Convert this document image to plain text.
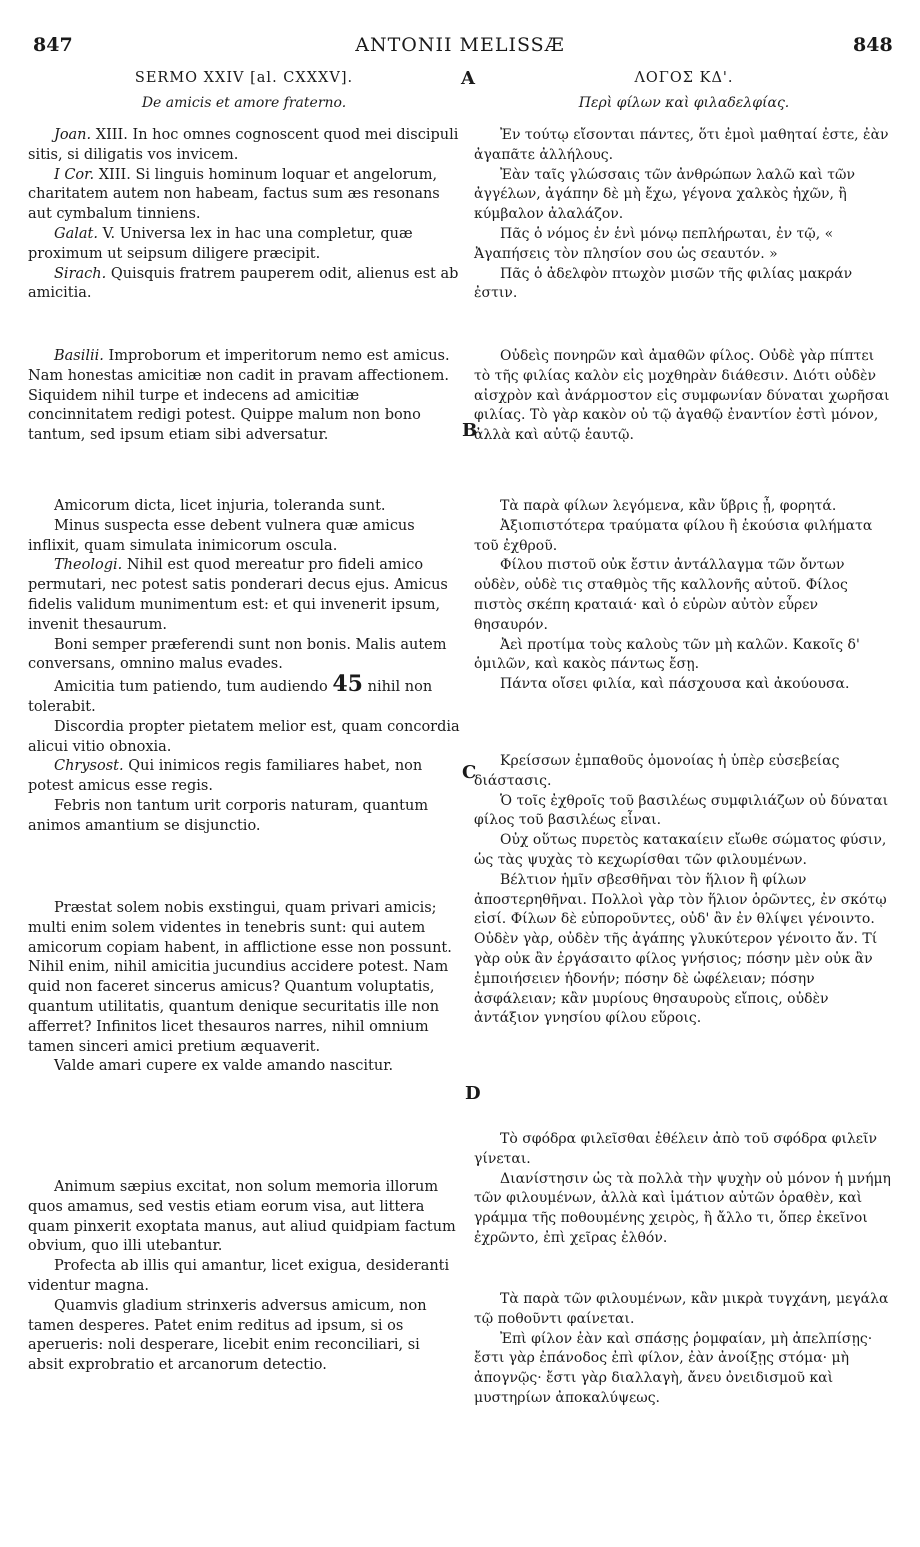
847	ANTONII MELISSÆ	848
SERMO XXIV [al. CXXXV].
De amicis et amore fraterno.

Joan. XIII. In hoc omnes cognoscent quod mei discipuli sitis, si diligatis vos invicem.

I Cor. XIII. Si linguis hominum loquar et angelorum, charitatem autem non habeam, factus sum æs resonans aut cymbalum tinniens.

Galat. V. Universa lex in hac una completur, quæ proximum ut seipsum diligere præcipit.

Sirach. Quisquis fratrem pauperem odit, alienus est ab amicitia.

Basilii. Improborum et imperitorum nemo est amicus. Nam honestas amicitiæ non cadit in pravam affectionem. Siquidem nihil turpe et indecens ad amicitiæ concinnitatem redigi potest. Quippe malum non bono tantum, sed ipsum etiam sibi adversatur.

Amicorum dicta, licet injuria, toleranda sunt.

Minus suspecta esse debent vulnera quæ amicus inflixit, quam simulata inimicorum oscula.

Theologi. Nihil est quod mereatur pro fideli amico permutari, nec potest satis ponderari decus ejus. Amicus fidelis validum munimentum est: et qui invenerit ipsum, invenit thesaurum.

Boni semper præferendi sunt non bonis. Malis autem conversans, omnino malus evades.

Amicitia tum patiendo, tum audiendo 45 nihil non tolerabit.

Discordia propter pietatem melior est, quam concordia alicui vitio obnoxia.

Chrysost. Qui inimicos regis familiares habet, non potest amicus esse regis.

Febris non tantum urit corporis naturam, quantum animos amantium se disjunctio.

Præstat solem nobis exstingui, quam privari amicis; multi enim solem videntes in tenebris sunt: qui autem amicorum copiam habent, in afflictione esse non possunt. Nihil enim, nihil amicitia jucundius accidere potest. Nam quid non faceret sincerus amicus? Quantum voluptatis, quantum utilitatis, quantum denique securitatis ille non afferret? Infinitos licet thesauros narres, nihil omnium tamen sinceri amici pretium æquaverit.

Valde amari cupere ex valde amando nascitur.

Animum sæpius excitat, non solum memoria illorum quos amamus, sed vestis etiam eorum visa, aut littera quam pinxerit exoptata manus, aut aliud quidpiam factum obvium, quo illi utebantur.

Profecta ab illis qui amantur, licet exigua, desideranti videntur magna.

Quamvis gladium strinxeris adversus amicum, non tamen desperes. Patet enim reditus ad ipsum, si os aperueris: noli desperare, licebit enim reconciliari, si absit exprobratio et arcanorum detectio.

ΛΟΓΟΣ ΚΔ'.
Περὶ φίλων καὶ φιλαδελφίας.

Ἐν τούτῳ εἴσονται πάντες, ὅτι ἐμοὶ μαθηταί ἐστε, ἐὰν ἀγαπᾶτε ἀλλήλους.

Ἐὰν ταῖς γλώσσαις τῶν ἀνθρώπων λαλῶ καὶ τῶν ἀγγέλων, ἀγάπην δὲ μὴ ἔχω, γέγονα χαλκὸς ἠχῶν, ἢ κύμβαλον ἀλαλάζον.

Πᾶς ὁ νόμος ἐν ἑνὶ μόνῳ πεπλήρωται, ἐν τῷ, « Ἀγαπήσεις τὸν πλησίον σου ὡς σεαυτόν. »

Πᾶς ὁ ἀδελφὸν πτωχὸν μισῶν τῆς φιλίας μακράν ἐστιν.

Οὐδεὶς πονηρῶν καὶ ἀμαθῶν φίλος. Οὐδὲ γὰρ πίπτει τὸ τῆς φιλίας καλὸν εἰς μοχθηρὰν διάθεσιν. Διότι οὐδὲν αἰσχρὸν καὶ ἀνάρμοστον εἰς συμφωνίαν δύναται χωρῆσαι φιλίας. Τὸ γὰρ κακὸν οὐ τῷ ἀγαθῷ ἐναντίον ἐστὶ μόνον, ἀλλὰ καὶ αὐτῷ ἑαυτῷ.

Τὰ παρὰ φίλων λεγόμενα, κἂν ὕβρις ᾖ, φορητά.

Ἀξιοπιστότερα τραύματα φίλου ἢ ἑκούσια φιλήματα τοῦ ἐχθροῦ.

Φίλου πιστοῦ οὐκ ἔστιν ἀντάλλαγμα τῶν ὄντων οὐδὲν, οὐδὲ τις σταθμὸς τῆς καλλονῆς αὐτοῦ. Φίλος πιστὸς σκέπη κραταιά· καὶ ὁ εὑρὼν αὐτὸν εὗρεν θησαυρόν.

Ἀεὶ προτίμα τοὺς καλοὺς τῶν μὴ καλῶν. Κακοῖς δ' ὁμιλῶν, καὶ κακὸς πάντως ἔσῃ.

Πάντα οἴσει φιλία, καὶ πάσχουσα καὶ ἀκούουσα.

Κρείσσων ἐμπαθοῦς ὁμονοίας ἡ ὑπὲρ εὐσεβείας διάστασις.

Ὁ τοῖς ἐχθροῖς τοῦ βασιλέως συμφιλιάζων οὐ δύναται φίλος τοῦ βασιλέως εἶναι.

Οὐχ οὕτως πυρετὸς κατακαίειν εἴωθε σώματος φύσιν, ὡς τὰς ψυχὰς τὸ κεχωρίσθαι τῶν φιλουμένων.

Βέλτιον ἡμῖν σβεσθῆναι τὸν ἥλιον ἢ φίλων ἀποστερηθῆναι. Πολλοὶ γὰρ τὸν ἥλιον ὁρῶντες, ἐν σκότῳ εἰσί. Φίλων δὲ εὐποροῦντες, οὐδ' ἂν ἐν θλίψει γένοιντο. Οὐδὲν γὰρ, οὐδὲν τῆς ἀγάπης γλυκύτερον γένοιτο ἄν. Τί γὰρ οὐκ ἂν ἐργάσαιτο φίλος γνήσιος; πόσην μὲν οὐκ ἂν ἐμποιήσειεν ἡδονήν; πόσην δὲ ὠφέλειαν; πόσην ἀσφάλειαν; κἂν μυρίους θησαυροὺς εἴποις, οὐδὲν ἀντάξιον γνησίου φίλου εὕροις.

Τὸ σφόδρα φιλεῖσθαι ἐθέλειν ἀπὸ τοῦ σφόδρα φιλεῖν γίνεται.

Διανίστησιν ὡς τὰ πολλὰ τὴν ψυχὴν οὐ μόνον ἡ μνήμη τῶν φιλουμένων, ἀλλὰ καὶ ἱμάτιον αὐτῶν ὁραθὲν, καὶ γράμμα τῆς ποθουμένης χειρὸς, ἢ ἄλλο τι, ὅπερ ἐκεῖνοι ἐχρῶντο, ἐπὶ χεῖρας ἐλθόν.

Τὰ παρὰ τῶν φιλουμένων, κἂν μικρὰ τυγχάνη, μεγάλα τῷ ποθοῦντι φαίνεται.

Ἐπὶ φίλον ἐὰν καὶ σπάσῃς ῥομφαίαν, μὴ ἀπελπίσῃς· ἔστι γὰρ ἐπάνοδος ἐπὶ φίλον, ἐὰν ἀνοίξῃς στόμα· μὴ ἀπογνῷς· ἔστι γὰρ διαλλαγὴ, ἄνευ ὀνειδισμοῦ καὶ μυστηρίων ἀποκαλύψεως.

A
B
C
D
